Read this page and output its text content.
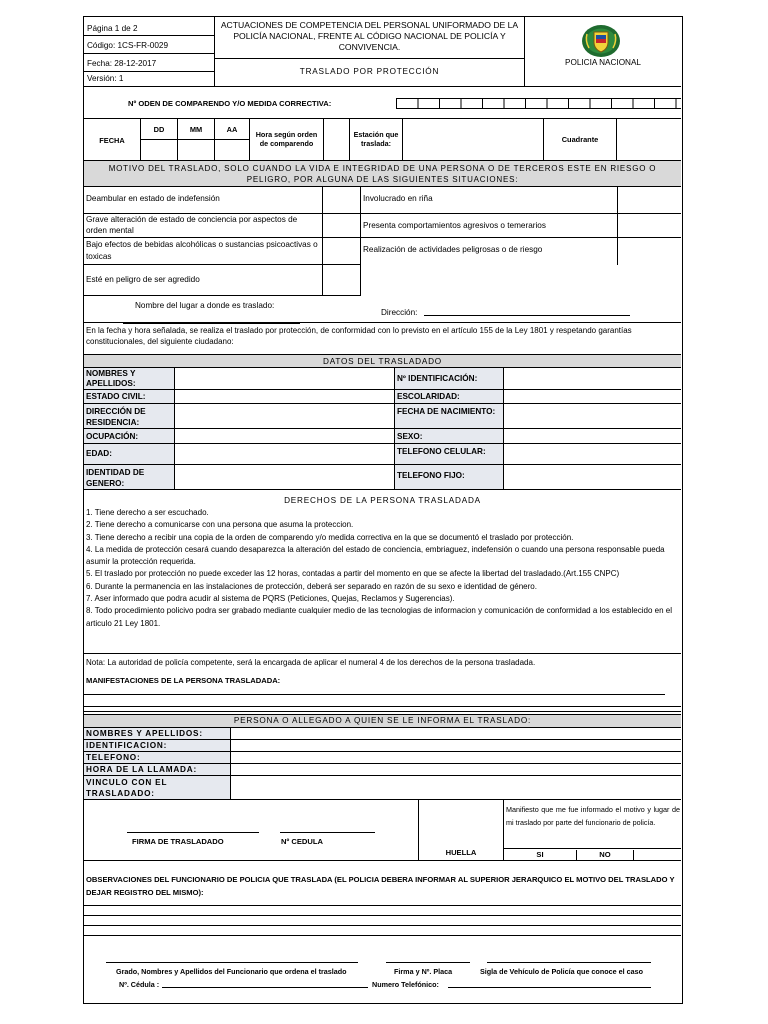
Página 1 de 2
Código: 1CS-FR-0029
Fecha: 28-12-2017
Versión: 1
ACTUACIONES DE COMPETENCIA DEL PERSONAL UNIFORMADO DE LA POLICÍA NACIONAL, FRENTE AL CÓDIGO NACIONAL DE POLICÍA Y CONVIVENCIA.
TRASLADO POR PROTECCIÓN
POLICIA NACIONAL
Nº ODEN DE COMPARENDO Y/O MEDIDA CORRECTIVA:
FECHA
DD	MM	AA
Hora según orden de comparendo
Estación que traslada:	Cuadrante
MOTIVO DEL TRASLADO, SOLO CUANDO LA VIDA E INTEGRIDAD DE UNA PERSONA O DE TERCEROS ESTE EN RIESGO O PELIGRO, POR ALGUNA DE LAS SIGUIENTES SITUACIONES:
Deambular en estado de indefensión
Grave alteración de estado de conciencia por aspectos de orden mental
Bajo efectos de bebidas alcohólicas o sustancias psicoactivas o toxicas
Esté en peligro de ser agredido
Involucrado en riña
Presenta comportamientos agresivos o temerarios
Realización de actividades peligrosas o de riesgo
Nombre del lugar a donde es traslado:
Dirección:
En la fecha y hora señalada, se realiza el traslado por protección, de conformidad con lo previsto en el artículo 155 de la Ley 1801 y respetando garantías constitucionales, del siguiente ciudadano:
DATOS DEL TRASLADADO
NOMBRES Y APELLIDOS:
Nº IDENTIFICACIÓN:
ESTADO CIVIL:	ESCOLARIDAD:
DIRECCIÓN DE RESIDENCIA:
FECHA DE NACIMIENTO:
OCUPACIÓN:	SEXO:
EDAD:	TELEFONO CELULAR:
IDENTIDAD DE GENERO:
TELEFONO FIJO:
DERECHOS DE LA PERSONA TRASLADADA
1. Tiene derecho a ser escuchado.
2. Tiene derecho a comunicarse con una persona que asuma la proteccion.
3. Tiene derecho a recibir una copia de la orden de comparendo y/o medida correctiva en la que se documentó el traslado por protección.
4. La medida de protección cesará cuando desaparezca la alteración del estado de conciencia, embriaguez, indefensión o cuando una persona responsable pueda asumir la protección requerida.
5. El traslado por protección no puede exceder las 12 horas, contadas a partir del momento en que se afecte la libertad del trasladado.(Art.155 CNPC)
6. Durante la permanencia en las instalaciones de protección, deberá ser separado en razón de su sexo e identidad de género.
7. Aser informado que podra acudir al sistema de PQRS (Peticiones, Quejas, Reclamos y Sugerencias).
8. Todo procedimiento policivo podra ser grabado mediante cualquier medio de las tecnologias de informacion y comunicación de conformidad a los establecido en el articulo 21 Ley 1801.
Nota: La autoridad de policía competente, será la encargada de aplicar el numeral 4 de los derechos de la persona trasladada.
MANIFESTACIONES DE LA PERSONA TRASLADADA:
PERSONA O ALLEGADO A QUIEN SE LE INFORMA EL TRASLADO:
NOMBRES Y APELLIDOS:
IDENTIFICACION:
TELEFONO:
HORA DE LA LLAMADA:
VINCULO CON EL TRASLADADO:
FIRMA DE TRASLADADO	Nº CEDULA
HUELLA
Manifiesto que me fue informado el motivo y lugar de mi traslado por parte del funcionario de policía.
SI	NO
OBSERVACIONES DEL FUNCIONARIO DE POLICIA QUE TRASLADA (EL POLICIA DEBERA INFORMAR AL SUPERIOR JERARQUICO EL MOTIVO DEL TRASLADO Y DEJAR REGISTRO DEL MISMO):
Grado, Nombres y Apellidos del Funcionario que ordena el traslado	Firma y Nº. Placa	Sigla de Vehículo de Policía que conoce el caso
Nº. Cédula :	Numero Telefónico:
